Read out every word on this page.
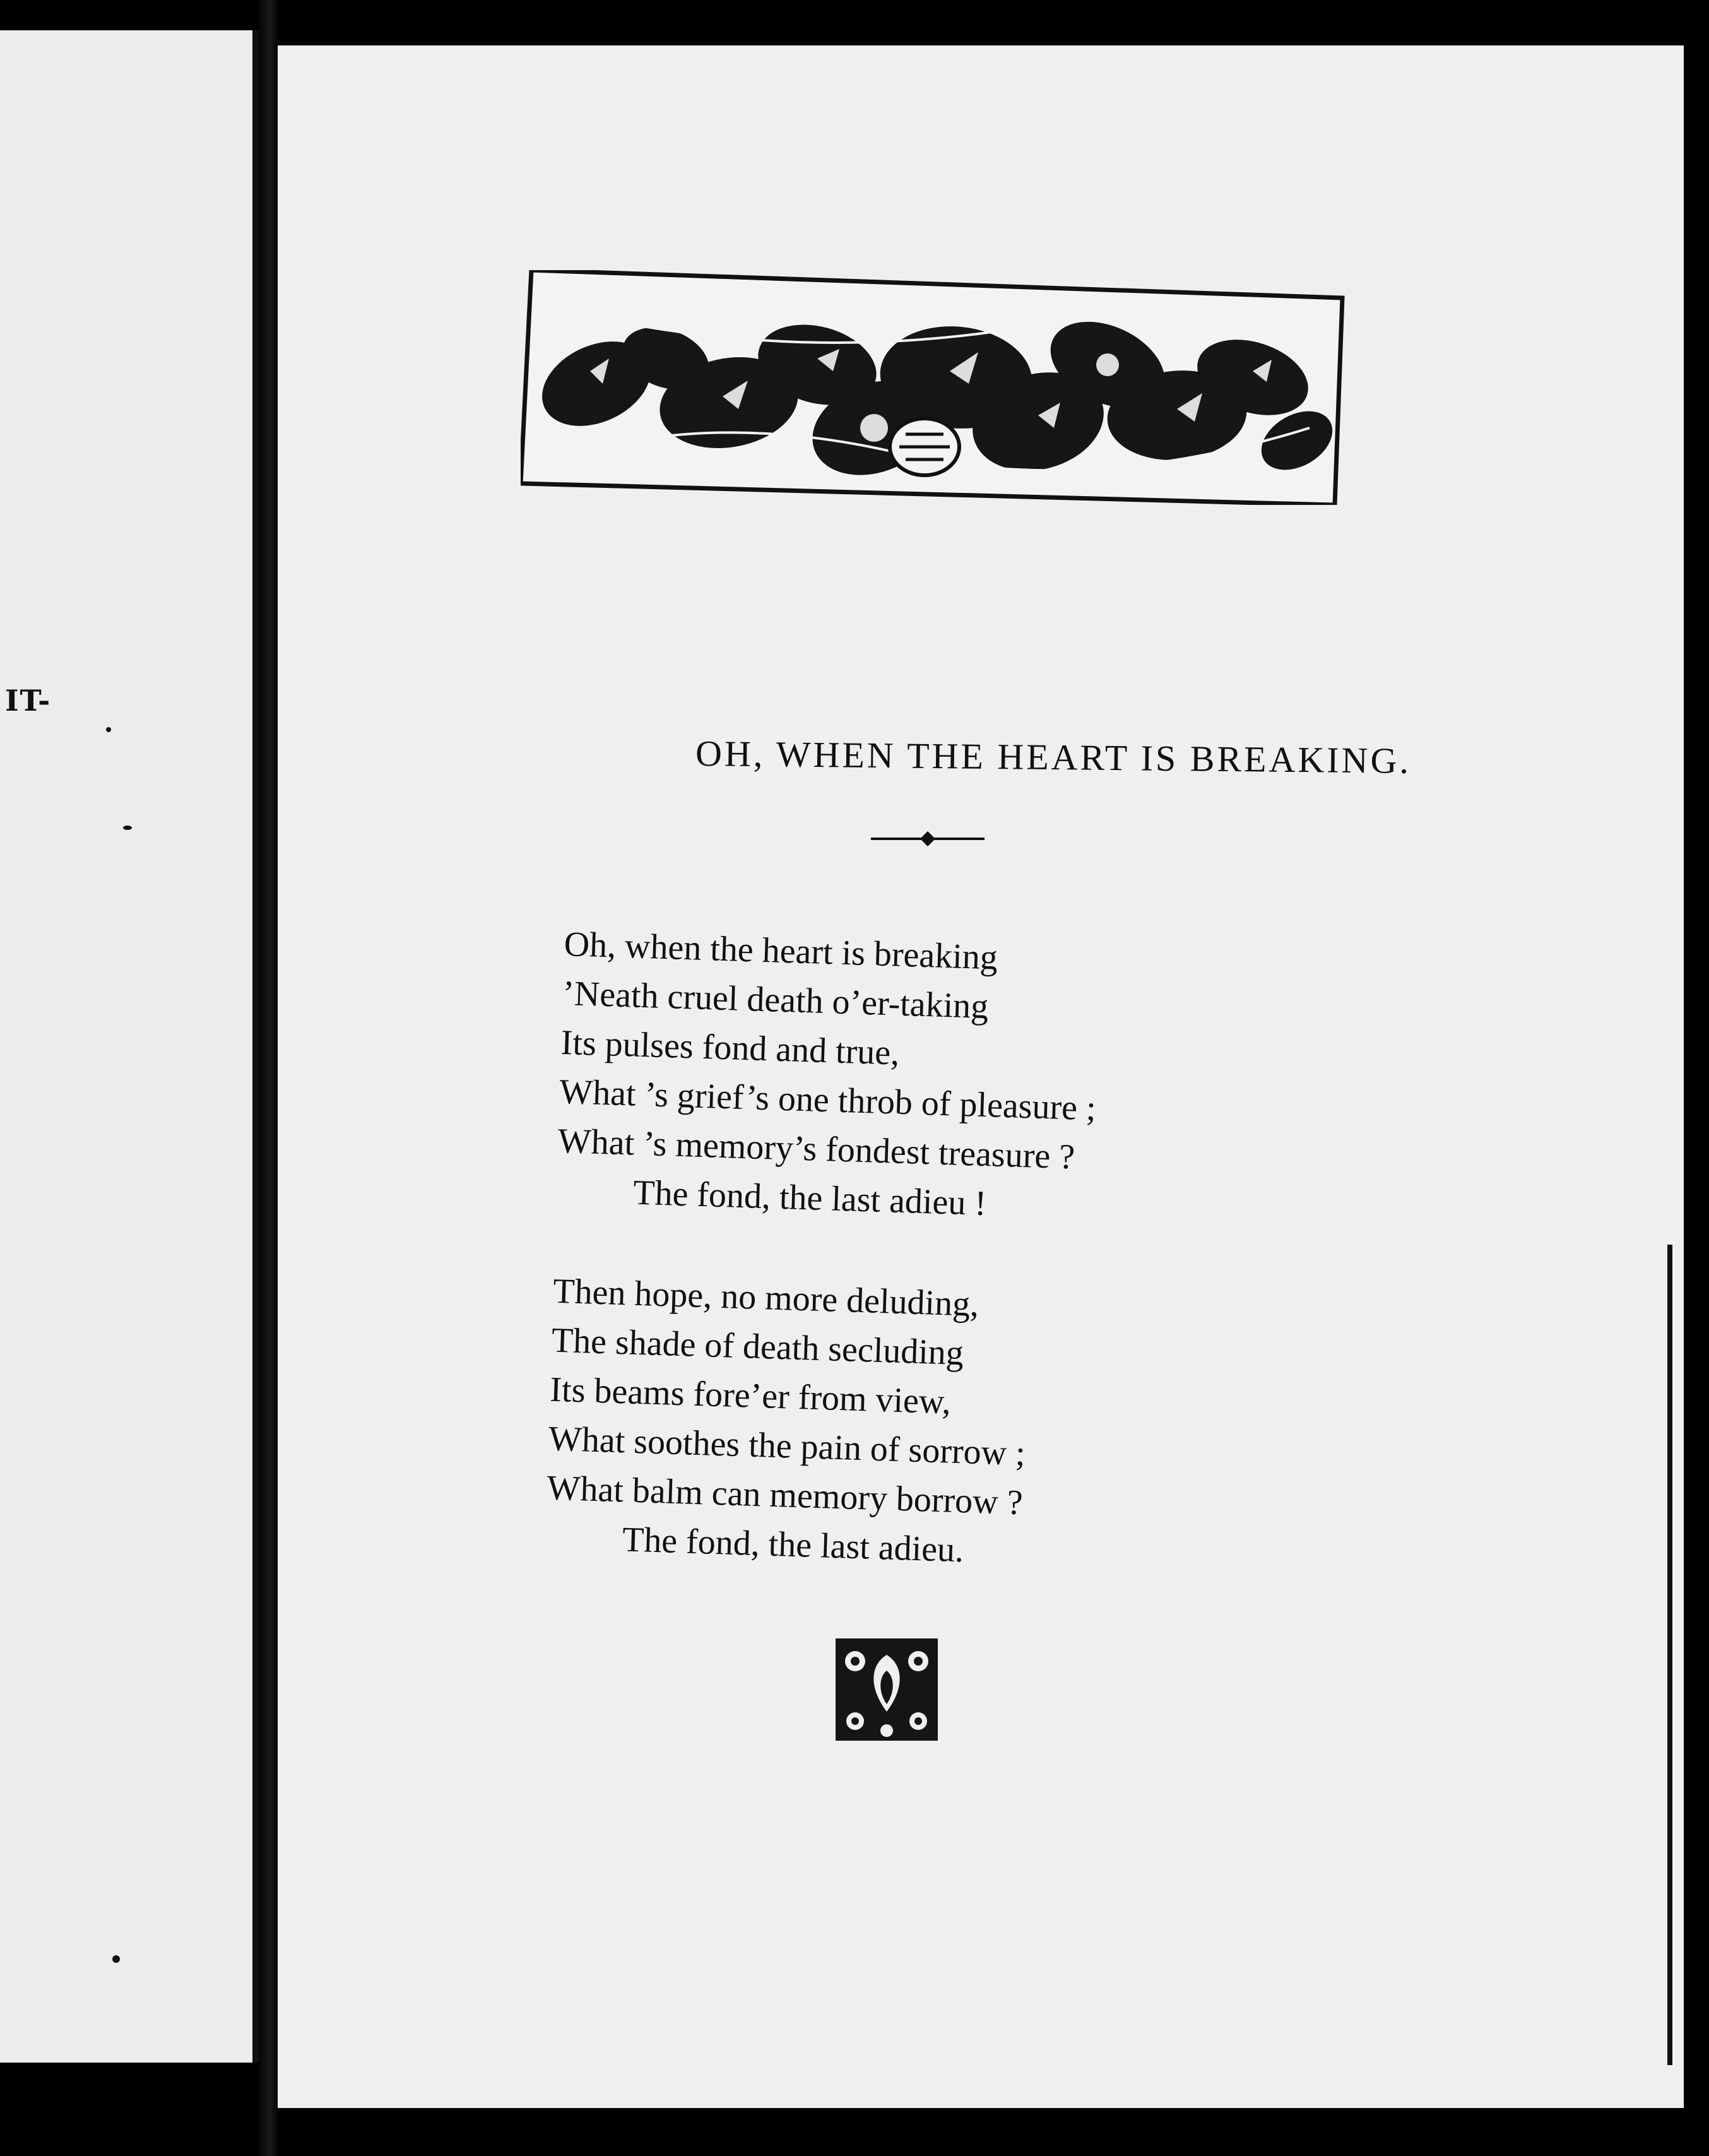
IT-
OH, WHEN THE HEART IS BREAKING.
Oh, when the heart is breaking
’Neath cruel death o’er-taking
Its pulses fond and true,
What ’s grief’s one throb of pleasure ;
What ’s memory’s fondest treasure ?
The fond, the last adieu !
Then hope, no more deluding,
The shade of death secluding
Its beams fore’er from view,
What soothes the pain of sorrow ;
What balm can memory borrow ?
The fond, the last adieu.
